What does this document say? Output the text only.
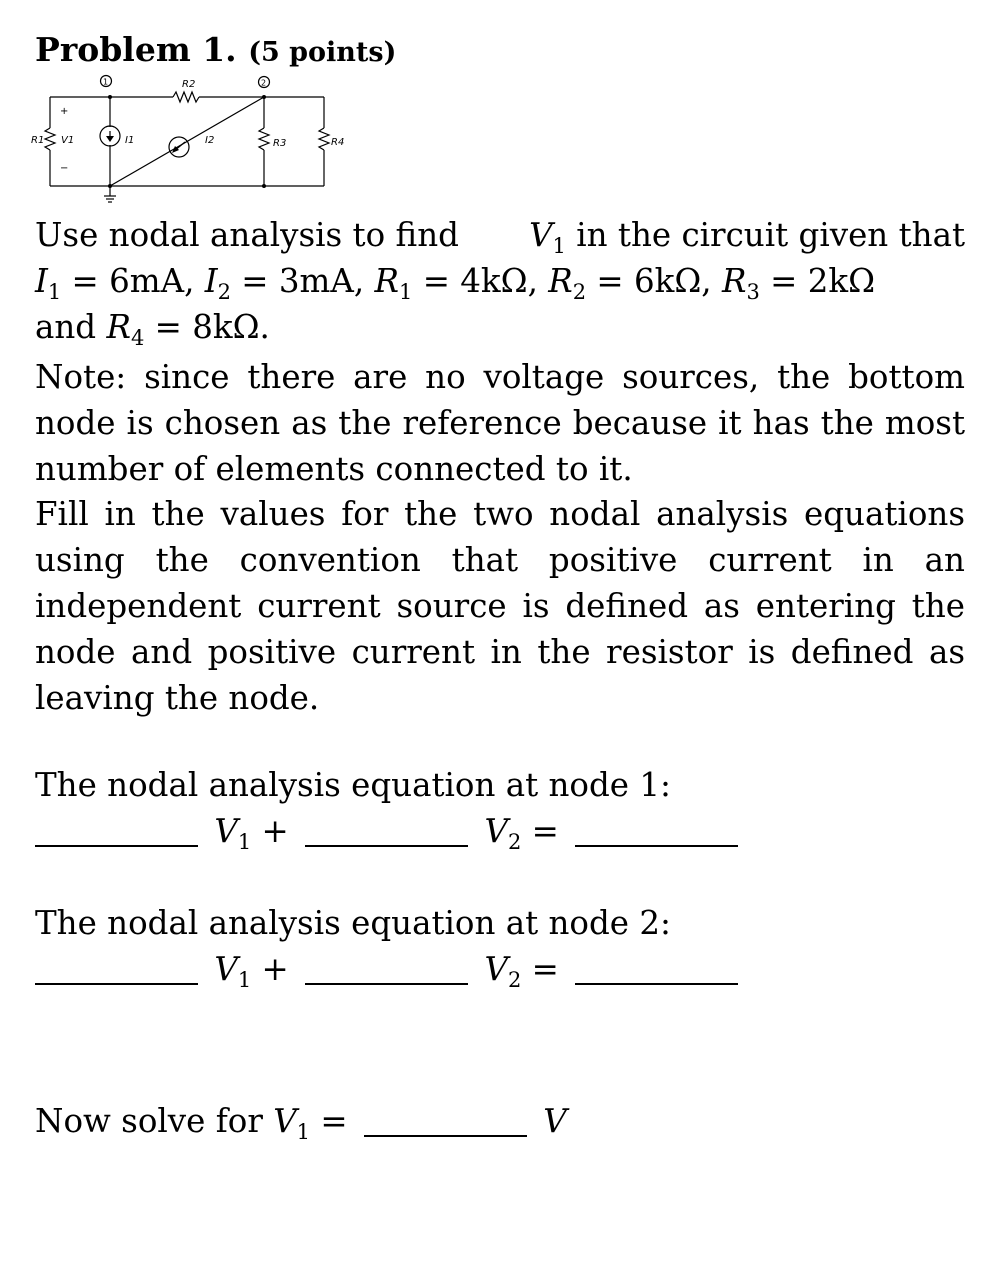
Problem 1. (5 points)
1	2
R2
R1
+
V1
−
I1	I2	R3	R4
Use nodal analysis to find $V_1$ in the circuit given that
$I_1 = 6mA$, $I_2 = 3mA$, $R_1 = 4k\Omega$, $R_2 = 6k\Omega$, $R_3 = 2k\Omega$
and $R_4 = 8k\Omega$.
Note: since there are no voltage sources, the bottom node is chosen as the reference because it has the most number of elements connected to it.
Fill in the values for the two nodal analysis equations using the convention that positive current in an independent current source is defined as entering the node and positive current in the resistor is defined as leaving the node.
The nodal analysis equation at node 1:
$V_1$ +	$V_2$ =
The nodal analysis equation at node 2:
$V_1$ +	$V_2$ =
Now solve for $V_1$ =	V
